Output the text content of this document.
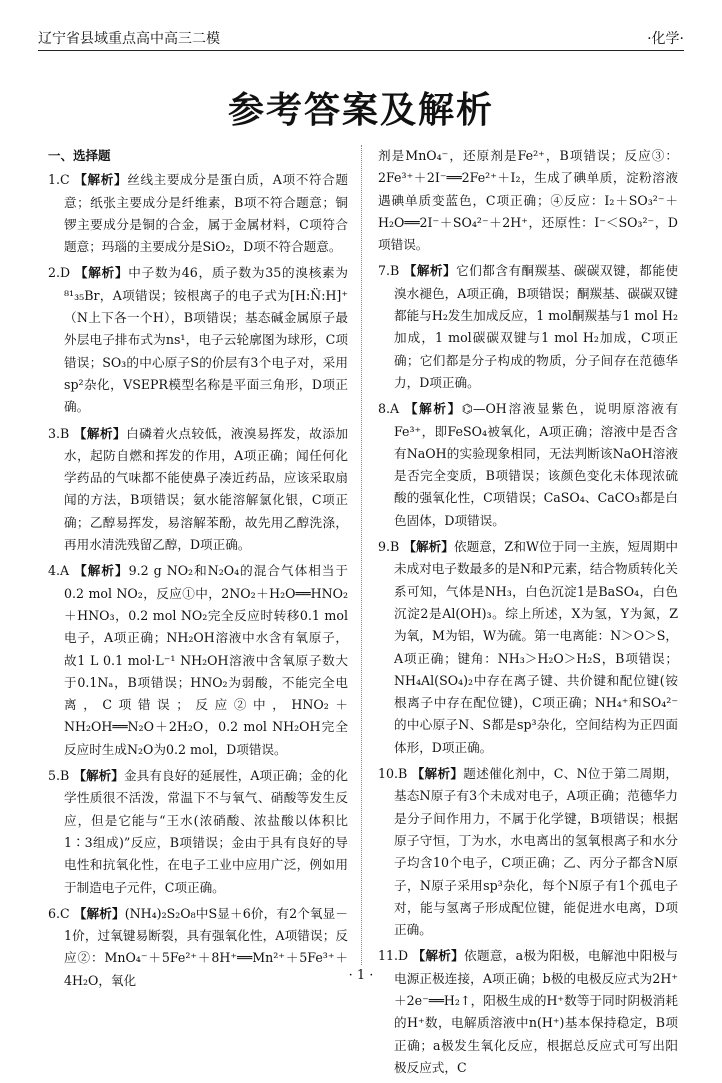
辽宁省县域重点高中高三二模	·化学·
参考答案及解析
一、选择题
1.C 【解析】丝线主要成分是蛋白质，A项不符合题意；纸张主要成分是纤维素，B项不符合题意；铜锣主要成分是铜的合金，属于金属材料，C项符合题意；玛瑙的主要成分是SiO₂，D项不符合题意。
2.D 【解析】中子数为46，质子数为35的溴核素为⁸¹₃₅Br，A项错误；铵根离子的电子式为[H:N̈:H]⁺（N上下各一个H），B项错误；基态碱金属原子最外层电子排布式为ns¹，电子云轮廓图为球形，C项错误；SO₃的中心原子S的价层有3个电子对，采用sp²杂化，VSEPR模型名称是平面三角形，D项正确。
3.B 【解析】白磷着火点较低，液溴易挥发，故添加水，起防自燃和挥发的作用，A项正确；闻任何化学药品的气味都不能使鼻子凑近药品，应该采取扇闻的方法，B项错误；氨水能溶解氯化银，C项正确；乙醇易挥发，易溶解苯酚，故先用乙醇洗涤，再用水清洗残留乙醇，D项正确。
4.A 【解析】9.2 g NO₂和N₂O₄的混合气体相当于0.2 mol NO₂，反应①中，2NO₂＋H₂O══HNO₂＋HNO₃，0.2 mol NO₂完全反应时转移0.1 mol电子，A项正确；NH₂OH溶液中水含有氧原子，故1 L 0.1 mol·L⁻¹ NH₂OH溶液中含氧原子数大于0.1Nₐ，B项错误；HNO₂为弱酸，不能完全电离，C项错误；反应②中，HNO₂＋NH₂OH══N₂O＋2H₂O，0.2 mol NH₂OH完全反应时生成N₂O为0.2 mol，D项错误。
5.B 【解析】金具有良好的延展性，A项正确；金的化学性质很不活泼，常温下不与氧气、硝酸等发生反应，但是它能与“王水(浓硝酸、浓盐酸以体积比1∶3组成)”反应，B项错误；金由于具有良好的导电性和抗氧化性，在电子工业中应用广泛，例如用于制造电子元件，C项正确。
6.C 【解析】(NH₄)₂S₂O₈中S显＋6价，有2个氧显－1价，过氧键易断裂，具有强氧化性，A项错误；反应②：MnO₄⁻＋5Fe²⁺＋8H⁺══Mn²⁺＋5Fe³⁺＋4H₂O，氧化
剂是MnO₄⁻，还原剂是Fe²⁺，B项错误；反应③：2Fe³⁺＋2I⁻══2Fe²⁺＋I₂，生成了碘单质，淀粉溶液遇碘单质变蓝色，C项正确；④反应：I₂＋SO₃²⁻＋H₂O══2I⁻＋SO₄²⁻＋2H⁺，还原性：I⁻＜SO₃²⁻，D项错误。
7.B 【解析】它们都含有酮羰基、碳碳双键，都能使溴水褪色，A项正确，B项错误；酮羰基、碳碳双键都能与H₂发生加成反应，1 mol酮羰基与1 mol H₂加成，1 mol碳碳双键与1 mol H₂加成，C项正确；它们都是分子构成的物质，分子间存在范德华力，D项正确。
8.A 【解析】⌬—OH溶液显紫色，说明原溶液有Fe³⁺，即FeSO₄被氧化，A项正确；溶液中是否含有NaOH的实验现象相同，无法判断该NaOH溶液是否完全变质，B项错误；该颜色变化未体现浓硫酸的强氧化性，C项错误；CaSO₄、CaCO₃都是白色固体，D项错误。
9.B 【解析】依题意，Z和W位于同一主族，短周期中未成对电子数最多的是N和P元素，结合物质转化关系可知，气体是NH₃，白色沉淀1是BaSO₄，白色沉淀2是Al(OH)₃。综上所述，X为氢，Y为氮，Z为氧，M为铝，W为硫。第一电离能：N＞O＞S，A项正确；键角：NH₃＞H₂O＞H₂S，B项错误；NH₄Al(SO₄)₂中存在离子键、共价键和配位键(铵根离子中存在配位键)，C项正确；NH₄⁺和SO₄²⁻的中心原子N、S都是sp³杂化，空间结构为正四面体形，D项正确。
10.B 【解析】题述催化剂中，C、N位于第二周期，基态N原子有3个未成对电子，A项正确；范德华力是分子间作用力，不属于化学键，B项错误；根据原子守恒，丁为水，水电离出的氢氧根离子和水分子均含10个电子，C项正确；乙、丙分子都含N原子，N原子采用sp³杂化，每个N原子有1个孤电子对，能与氢离子形成配位键，能促进水电离，D项正确。
11.D 【解析】依题意，a极为阳极，电解池中阳极与电源正极连接，A项正确；b极的电极反应式为2H⁺＋2e⁻══H₂↑，阳极生成的H⁺数等于同时阴极消耗的H⁺数，电解质溶液中n(H⁺)基本保持稳定，B项正确；a极发生氧化反应，根据总反应式可写出阳极反应式，C
· 1 ·
